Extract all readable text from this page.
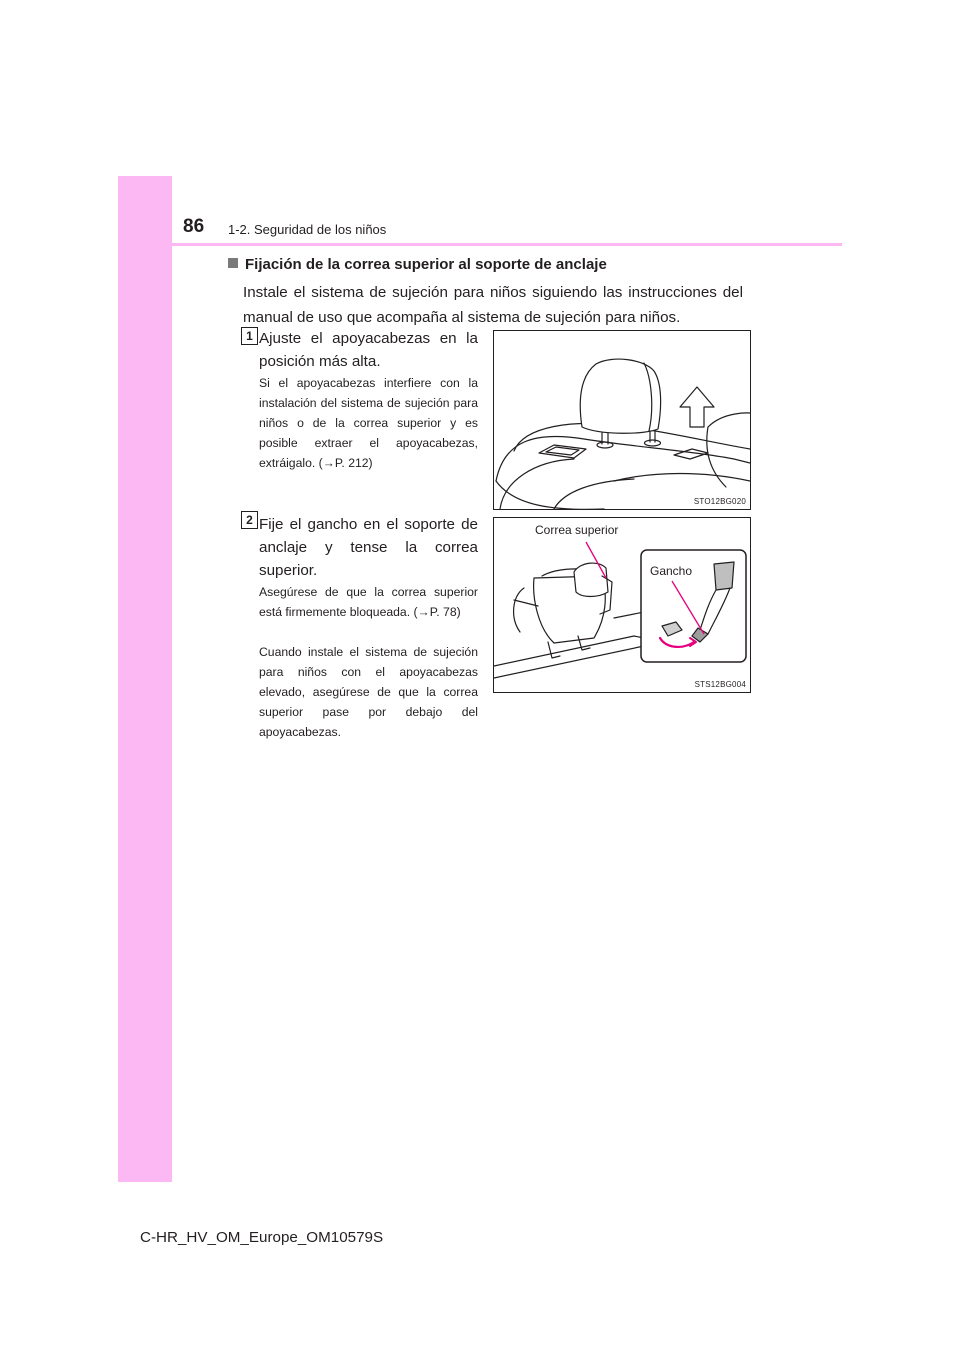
86 1-2. Seguridad de los niños
Fijación de la correa superior al soporte de anclaje
Instale el sistema de sujeción para niños siguiendo las instrucciones del manual de uso que acompaña al sistema de sujeción para niños.
1 Ajuste el apoyacabezas en la posición más alta.
Si el apoyacabezas interfiere con la instalación del sistema de sujeción para niños o de la correa superior y es posible extraer el apoyacabezas, extráigalo. (→P. 212)
STO12BG020
2 Fije el gancho en el soporte de anclaje y tense la correa superior.
Asegúrese de que la correa superior está firmemente bloqueada. (→P. 78)
Cuando instale el sistema de sujeción para niños con el apoyacabezas elevado, asegúrese de que la correa superior pase por debajo del apoyacabezas.
Correa superior
Gancho
STS12BG004
C-HR_HV_OM_Europe_OM10579S
